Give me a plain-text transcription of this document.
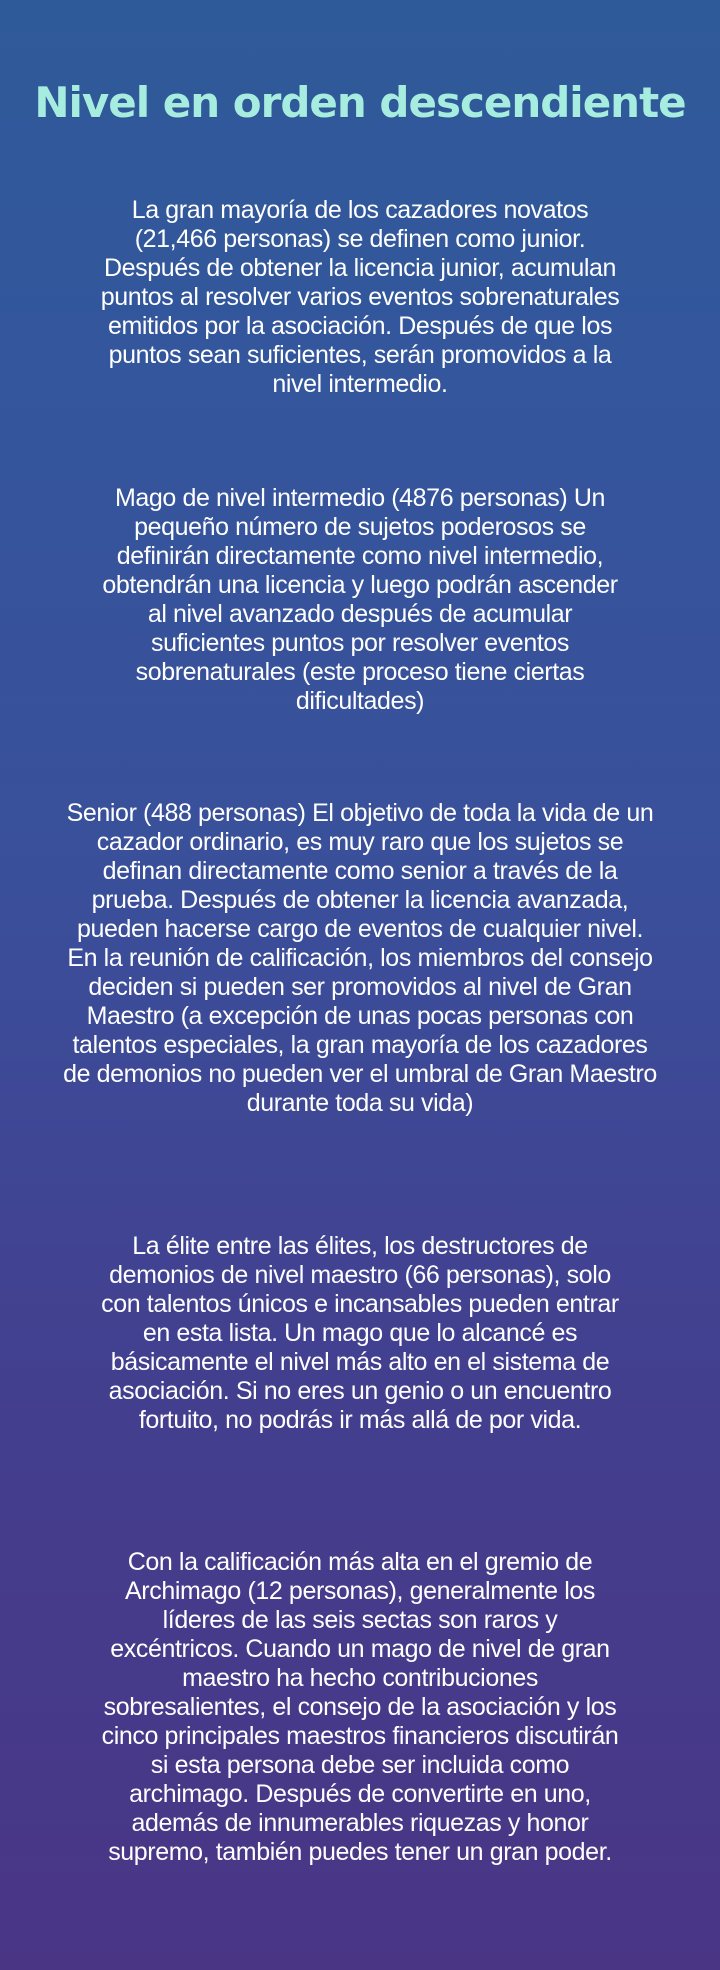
Nivel en orden descendiente
La gran mayoría de los cazadores novatos (21,466 personas) se definen como junior. Después de obtener la licencia junior, acumulan puntos al resolver varios eventos sobrenaturales emitidos por la asociación. Después de que los puntos sean suficientes, serán promovidos a la nivel intermedio.
Mago de nivel intermedio (4876 personas) Un pequeño número de sujetos poderosos se definirán directamente como nivel intermedio, obtendrán una licencia y luego podrán ascender al nivel avanzado después de acumular suficientes puntos por resolver eventos sobrenaturales (este proceso tiene ciertas dificultades)
Senior (488 personas) El objetivo de toda la vida de un cazador ordinario, es muy raro que los sujetos se definan directamente como senior a través de la prueba. Después de obtener la licencia avanzada, pueden hacerse cargo de eventos de cualquier nivel. En la reunión de calificación, los miembros del consejo deciden si pueden ser promovidos al nivel de Gran Maestro (a excepción de unas pocas personas con talentos especiales, la gran mayoría de los cazadores de demonios no pueden ver el umbral de Gran Maestro durante toda su vida)
La élite entre las élites, los destructores de demonios de nivel maestro (66 personas), solo con talentos únicos e incansables pueden entrar en esta lista. Un mago que lo alcancé es básicamente el nivel más alto en el sistema de asociación. Si no eres un genio o un encuentro fortuito, no podrás ir más allá de por vida.
Con la calificación más alta en el gremio de Archimago (12 personas), generalmente los líderes de las seis sectas son raros y excéntricos. Cuando un mago de nivel de gran maestro ha hecho contribuciones sobresalientes, el consejo de la asociación y los cinco principales maestros financieros discutirán si esta persona debe ser incluida como archimago. Después de convertirte en uno, además de innumerables riquezas y honor supremo, también puedes tener un gran poder.
